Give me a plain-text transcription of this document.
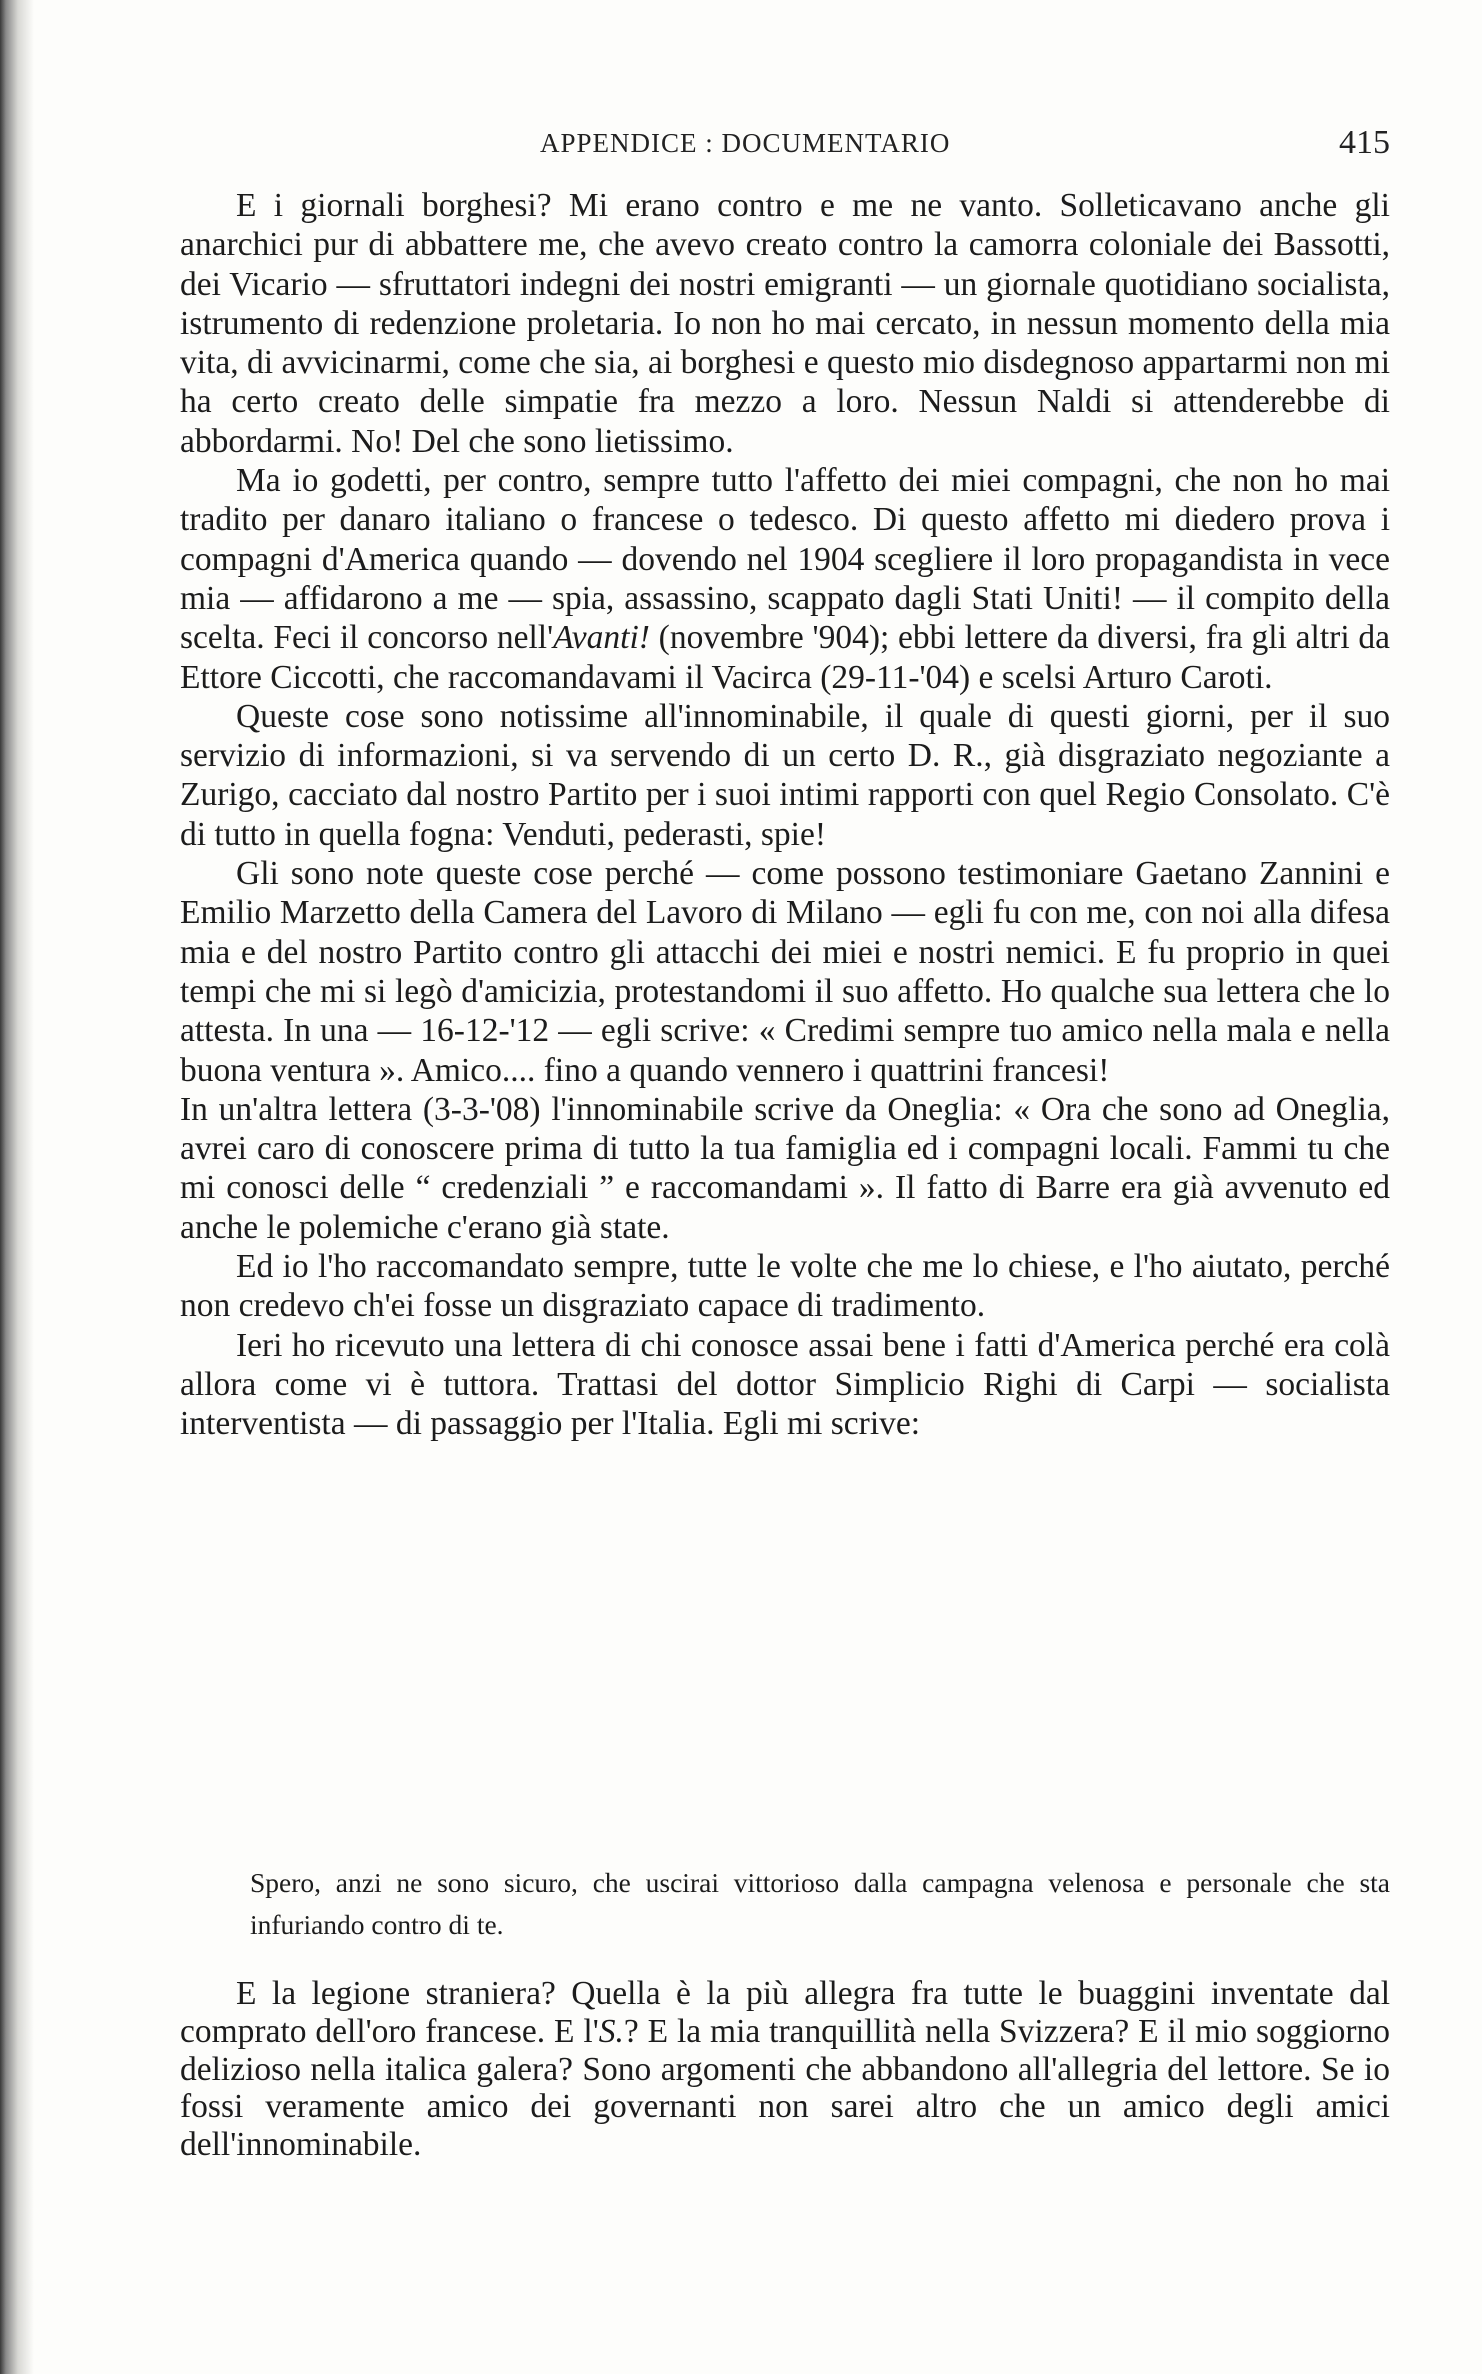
APPENDICE : DOCUMENTARIO	415

E i giornali borghesi? Mi erano contro e me ne vanto. Solleticavano anche gli anarchici pur di abbattere me, che avevo creato contro la camorra coloniale dei Bassotti, dei Vicario — sfruttatori indegni dei nostri emigranti — un giornale quotidiano socialista, istrumento di redenzione proletaria. Io non ho mai cercato, in nessun momento della mia vita, di avvicinarmi, come che sia, ai borghesi e questo mio disdegnoso appartarmi non mi ha certo creato delle simpatie fra mezzo a loro. Nessun Naldi si attenderebbe di abbordarmi. No! Del che sono lietissimo.

Ma io godetti, per contro, sempre tutto l'affetto dei miei compagni, che non ho mai tradito per danaro italiano o francese o tedesco. Di questo affetto mi diedero prova i compagni d'America quando — dovendo nel 1904 scegliere il loro propagandista in vece mia — affidarono a me — spia, assassino, scappato dagli Stati Uniti! — il compito della scelta. Feci il concorso nell'Avanti! (novembre '904); ebbi lettere da diversi, fra gli altri da Ettore Ciccotti, che raccomandavami il Vacirca (29-11-'04) e scelsi Arturo Caroti.

Queste cose sono notissime all'innominabile, il quale di questi giorni, per il suo servizio di informazioni, si va servendo di un certo D. R., già disgraziato negoziante a Zurigo, cacciato dal nostro Partito per i suoi intimi rapporti con quel Regio Consolato. C'è di tutto in quella fogna: Venduti, pederasti, spie!

Gli sono note queste cose perché — come possono testimoniare Gaetano Zannini e Emilio Marzetto della Camera del Lavoro di Milano — egli fu con me, con noi alla difesa mia e del nostro Partito contro gli attacchi dei miei e nostri nemici. E fu proprio in quei tempi che mi si legò d'amicizia, protestandomi il suo affetto. Ho qualche sua lettera che lo attesta. In una — 16-12-'12 — egli scrive: « Credimi sempre tuo amico nella mala e nella buona ventura ». Amico.... fino a quando vennero i quattrini francesi!

In un'altra lettera (3-3-'08) l'innominabile scrive da Oneglia: « Ora che sono ad Oneglia, avrei caro di conoscere prima di tutto la tua famiglia ed i compagni locali. Fammi tu che mi conosci delle “ credenziali ” e raccomandami ». Il fatto di Barre era già avvenuto ed anche le polemiche c'erano già state.

Ed io l'ho raccomandato sempre, tutte le volte che me lo chiese, e l'ho aiutato, perché non credevo ch'ei fosse un disgraziato capace di tradimento.

Ieri ho ricevuto una lettera di chi conosce assai bene i fatti d'America perché era colà allora come vi è tuttora. Trattasi del dottor Simplicio Righi di Carpi — socialista interventista — di passaggio per l'Italia. Egli mi scrive:

Spero, anzi ne sono sicuro, che uscirai vittorioso dalla campagna velenosa e personale che sta infuriando contro di te.

E la legione straniera? Quella è la più allegra fra tutte le buaggini inventate dal comprato dell'oro francese. E l'S.? E la mia tranquillità nella Svizzera? E il mio soggiorno delizioso nella italica galera? Sono argomenti che abbandono all'allegria del lettore. Se io fossi veramente amico dei governanti non sarei altro che un amico degli amici dell'innominabile.
